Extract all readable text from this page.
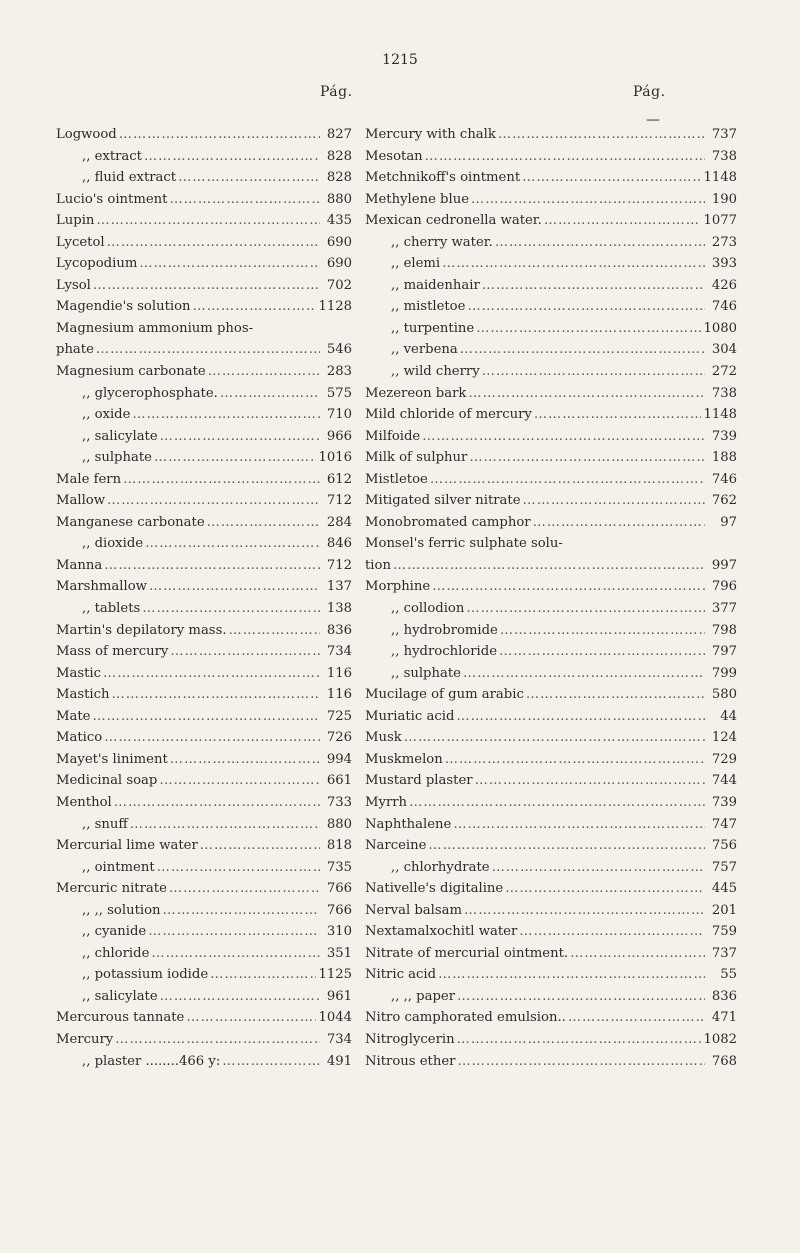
1215
Pág.	Pág.
—
Logwood …………………………………………………………………………………………………………	827
,, extract …………………………………………………………………………………………………………	828
,, fluid extract …………………………………………………………………………………………………………	828
Lucio's ointment …………………………………………………………………………………………………………	880
Lupin …………………………………………………………………………………………………………	435
Lycetol …………………………………………………………………………………………………………	690
Lycopodium …………………………………………………………………………………………………………	690
Lysol …………………………………………………………………………………………………………	702
Magendie's solution …………………………………………………………………………………………………………	1128
Magnesium ammonium phos-
phate …………………………………………………………………………………………………………	546
Magnesium carbonate …………………………………………………………………………………………………………	283
,, glycerophosphate. …………………………………………………………………………………………………………	575
,, oxide …………………………………………………………………………………………………………	710
,, salicylate …………………………………………………………………………………………………………	966
,, sulphate …………………………………………………………………………………………………………	1016
Male fern …………………………………………………………………………………………………………	612
Mallow …………………………………………………………………………………………………………	712
Manganese carbonate …………………………………………………………………………………………………………	284
,, dioxide …………………………………………………………………………………………………………	846
Manna …………………………………………………………………………………………………………	712
Marshmallow …………………………………………………………………………………………………………	137
,, tablets …………………………………………………………………………………………………………	138
Martin's depilatory mass. …………………………………………………………………………………………………………	836
Mass of mercury …………………………………………………………………………………………………………	734
Mastic …………………………………………………………………………………………………………	116
Mastich …………………………………………………………………………………………………………	116
Mate …………………………………………………………………………………………………………	725
Matico …………………………………………………………………………………………………………	726
Mayet's liniment …………………………………………………………………………………………………………	994
Medicinal soap …………………………………………………………………………………………………………	661
Menthol …………………………………………………………………………………………………………	733
,, snuff …………………………………………………………………………………………………………	880
Mercurial lime water …………………………………………………………………………………………………………	818
,, ointment …………………………………………………………………………………………………………	735
Mercuric nitrate …………………………………………………………………………………………………………	766
,, ,, solution …………………………………………………………………………………………………………	766
,, cyanide …………………………………………………………………………………………………………	310
,, chloride …………………………………………………………………………………………………………	351
,, potassium iodide …………………………………………………………………………………………………………	1125
,, salicylate …………………………………………………………………………………………………………	961
Mercurous tannate …………………………………………………………………………………………………………	1044
Mercury …………………………………………………………………………………………………………	734
,, plaster ........466 y: …………………………………………………………………………………………………………	491
Mercury with chalk …………………………………………………………………………………………………………	737
Mesotan …………………………………………………………………………………………………………	738
Metchnikoff's ointment …………………………………………………………………………………………………………	1148
Methylene blue …………………………………………………………………………………………………………	190
Mexican cedronella water. …………………………………………………………………………………………………………	1077
,, cherry water. …………………………………………………………………………………………………………	273
,, elemi …………………………………………………………………………………………………………	393
,, maidenhair …………………………………………………………………………………………………………	426
,, mistletoe …………………………………………………………………………………………………………	746
,, turpentine …………………………………………………………………………………………………………	1080
,, verbena …………………………………………………………………………………………………………	304
,, wild cherry …………………………………………………………………………………………………………	272
Mezereon bark …………………………………………………………………………………………………………	738
Mild chloride of mercury …………………………………………………………………………………………………………	1148
Milfoide …………………………………………………………………………………………………………	739
Milk of sulphur …………………………………………………………………………………………………………	188
Mistletoe …………………………………………………………………………………………………………	746
Mitigated silver nitrate …………………………………………………………………………………………………………	762
Monobromated camphor …………………………………………………………………………………………………………	97
Monsel's ferric sulphate solu-
tion …………………………………………………………………………………………………………	997
Morphine …………………………………………………………………………………………………………	796
,, collodion …………………………………………………………………………………………………………	377
,, hydrobromide …………………………………………………………………………………………………………	798
,, hydrochloride …………………………………………………………………………………………………………	797
,, sulphate …………………………………………………………………………………………………………	799
Mucilage of gum arabic …………………………………………………………………………………………………………	580
Muriatic acid …………………………………………………………………………………………………………	44
Musk …………………………………………………………………………………………………………	124
Muskmelon …………………………………………………………………………………………………………	729
Mustard plaster …………………………………………………………………………………………………………	744
Myrrh …………………………………………………………………………………………………………	739
Naphthalene …………………………………………………………………………………………………………	747
Narceine …………………………………………………………………………………………………………	756
,, chlorhydrate …………………………………………………………………………………………………………	757
Nativelle's digitaline …………………………………………………………………………………………………………	445
Nerval balsam …………………………………………………………………………………………………………	201
Nextamalxochitl water …………………………………………………………………………………………………………	759
Nitrate of mercurial ointment. …………………………………………………………………………………………………………	737
Nitric acid …………………………………………………………………………………………………………	55
,, ,, paper …………………………………………………………………………………………………………	836
Nitro camphorated emulsion.. …………………………………………………………………………………………………………	471
Nitroglycerin …………………………………………………………………………………………………………	1082
Nitrous ether …………………………………………………………………………………………………………	768
